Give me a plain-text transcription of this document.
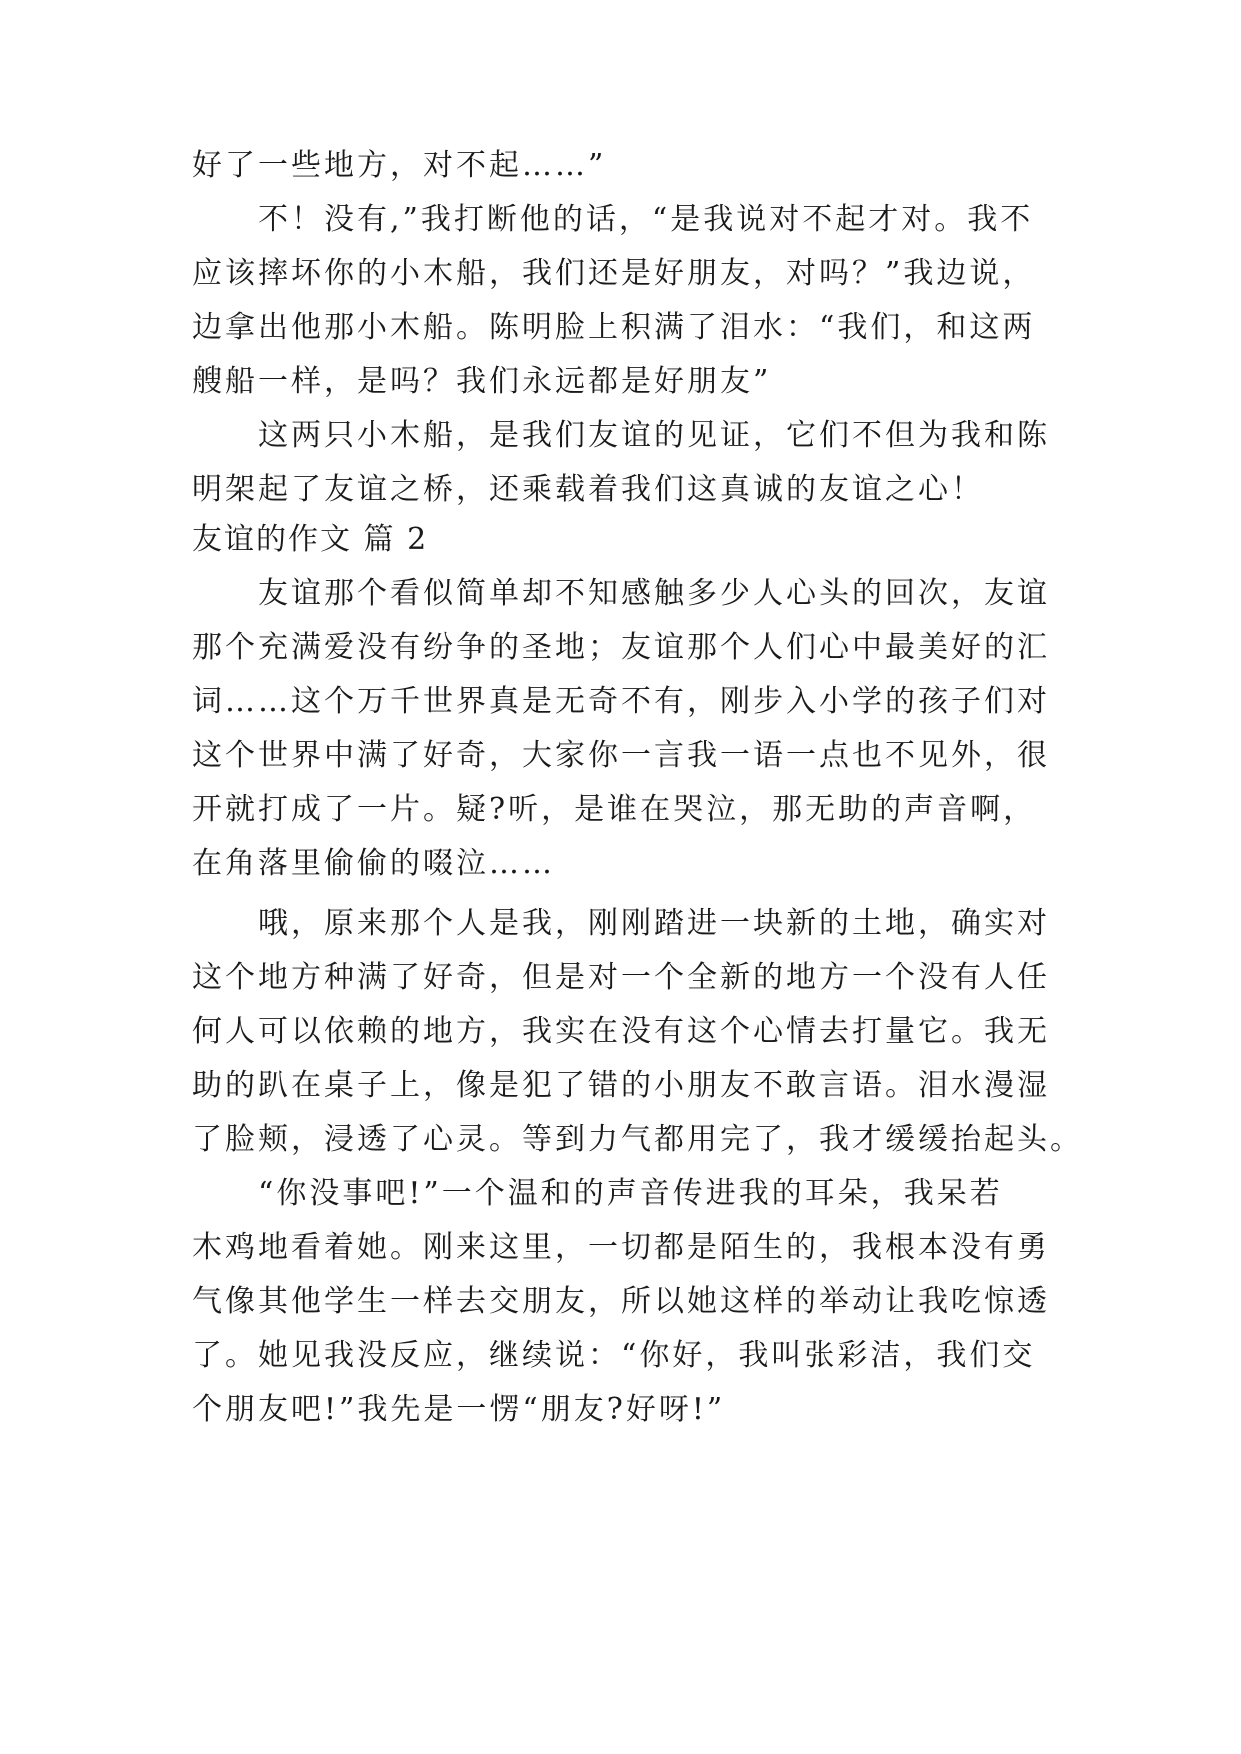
好了一些地方，对不起……”
不！没有,”我打断他的话，“是我说对不起才对。我不
应该摔坏你的小木船，我们还是好朋友，对吗？”我边说，
边拿出他那小木船。陈明脸上积满了泪水：“我们，和这两
艘船一样，是吗？我们永远都是好朋友”
这两只小木船，是我们友谊的见证，它们不但为我和陈
明架起了友谊之桥，还乘载着我们这真诚的友谊之心！
友谊的作文 篇 2
友谊那个看似简单却不知感触多少人心头的回次，友谊
那个充满爱没有纷争的圣地；友谊那个人们心中最美好的汇
词……这个万千世界真是无奇不有，刚步入小学的孩子们对
这个世界中满了好奇，大家你一言我一语一点也不见外，很
开就打成了一片。疑?听，是谁在哭泣，那无助的声音啊，
在角落里偷偷的啜泣……
哦，原来那个人是我，刚刚踏进一块新的土地，确实对
这个地方种满了好奇，但是对一个全新的地方一个没有人任
何人可以依赖的地方，我实在没有这个心情去打量它。我无
助的趴在桌子上，像是犯了错的小朋友不敢言语。泪水漫湿
了脸颊，浸透了心灵。等到力气都用完了，我才缓缓抬起头。
“你没事吧!”一个温和的声音传进我的耳朵，我呆若
木鸡地看着她。刚来这里，一切都是陌生的，我根本没有勇
气像其他学生一样去交朋友，所以她这样的举动让我吃惊透
了。她见我没反应，继续说：“你好，我叫张彩洁，我们交
个朋友吧!”我先是一愣“朋友?好呀!”
